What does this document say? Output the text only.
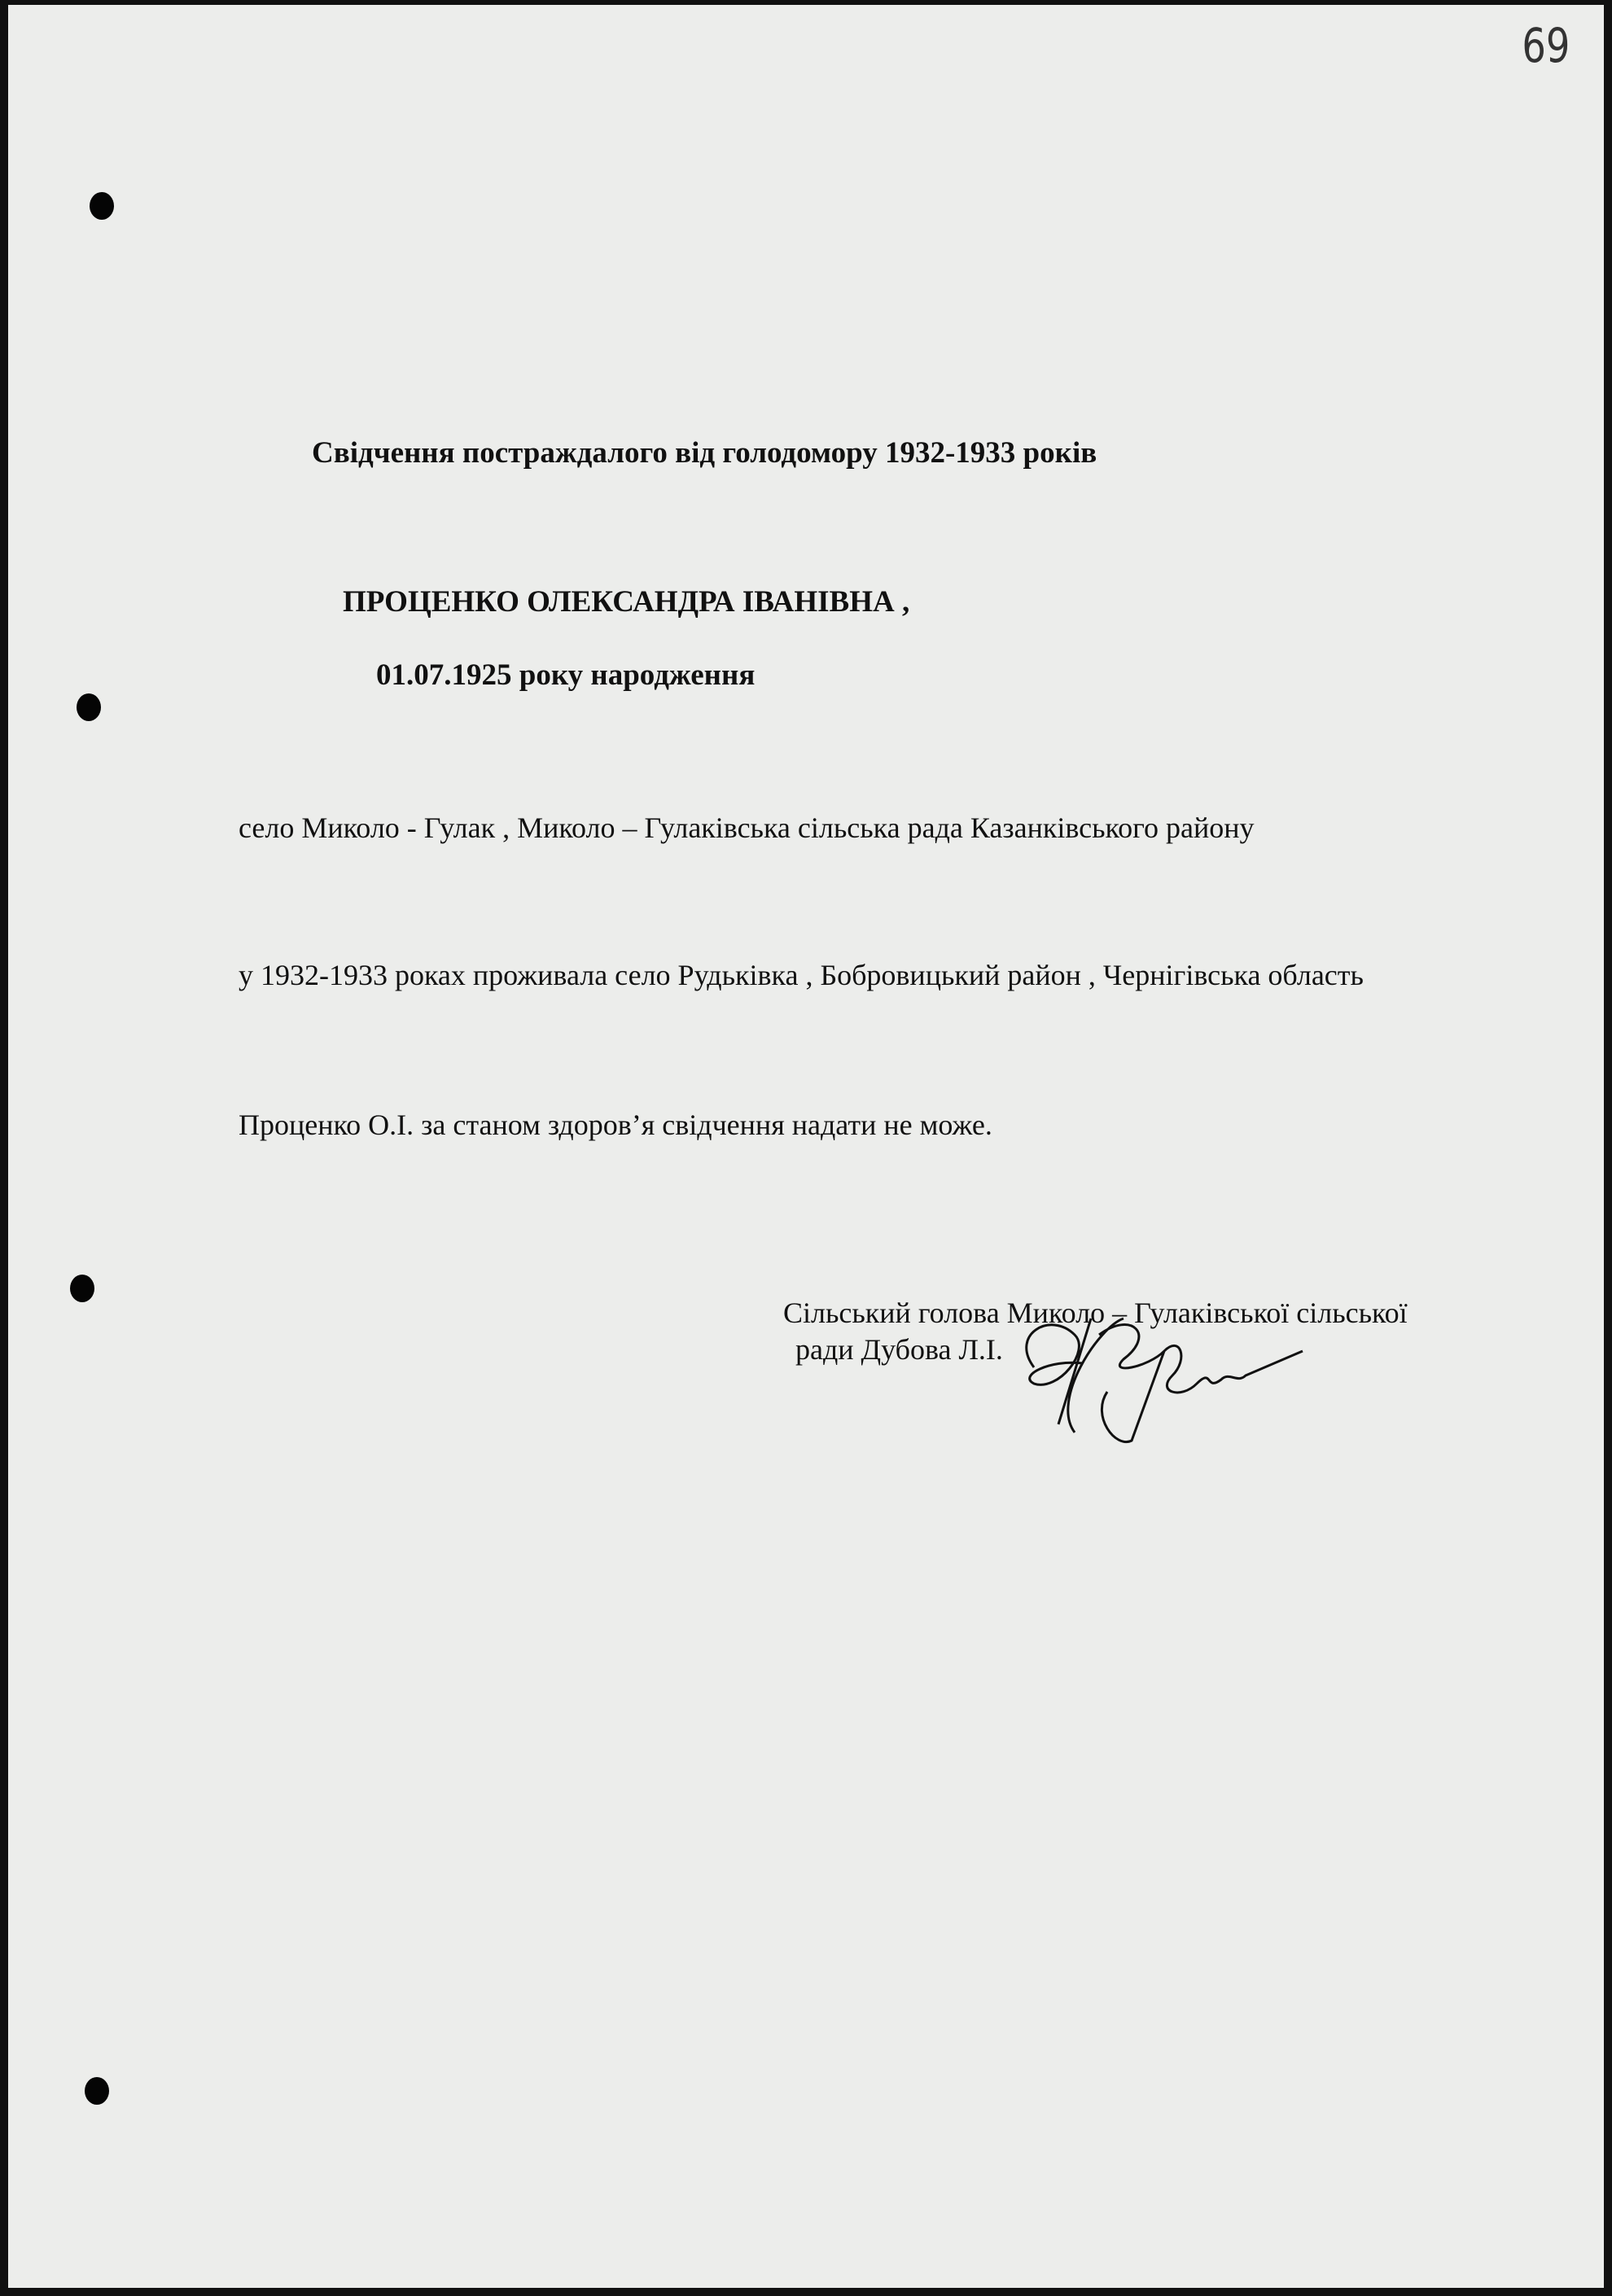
69
Свідчення постраждалого від голодомору 1932-1933 років
ПРОЦЕНКО ОЛЕКСАНДРА ІВАНІВНА ,
01.07.1925 року народження
село Миколо - Гулак , Миколо – Гулаківська сільська рада Казанківського району
у 1932-1933 роках проживала село Рудьківка , Бобровицький район , Чернігівська область
Проценко О.І. за станом здоров’я свідчення надати не може.
Сільський голова Миколо – Гулаківської сільської
ради Дубова Л.І.
